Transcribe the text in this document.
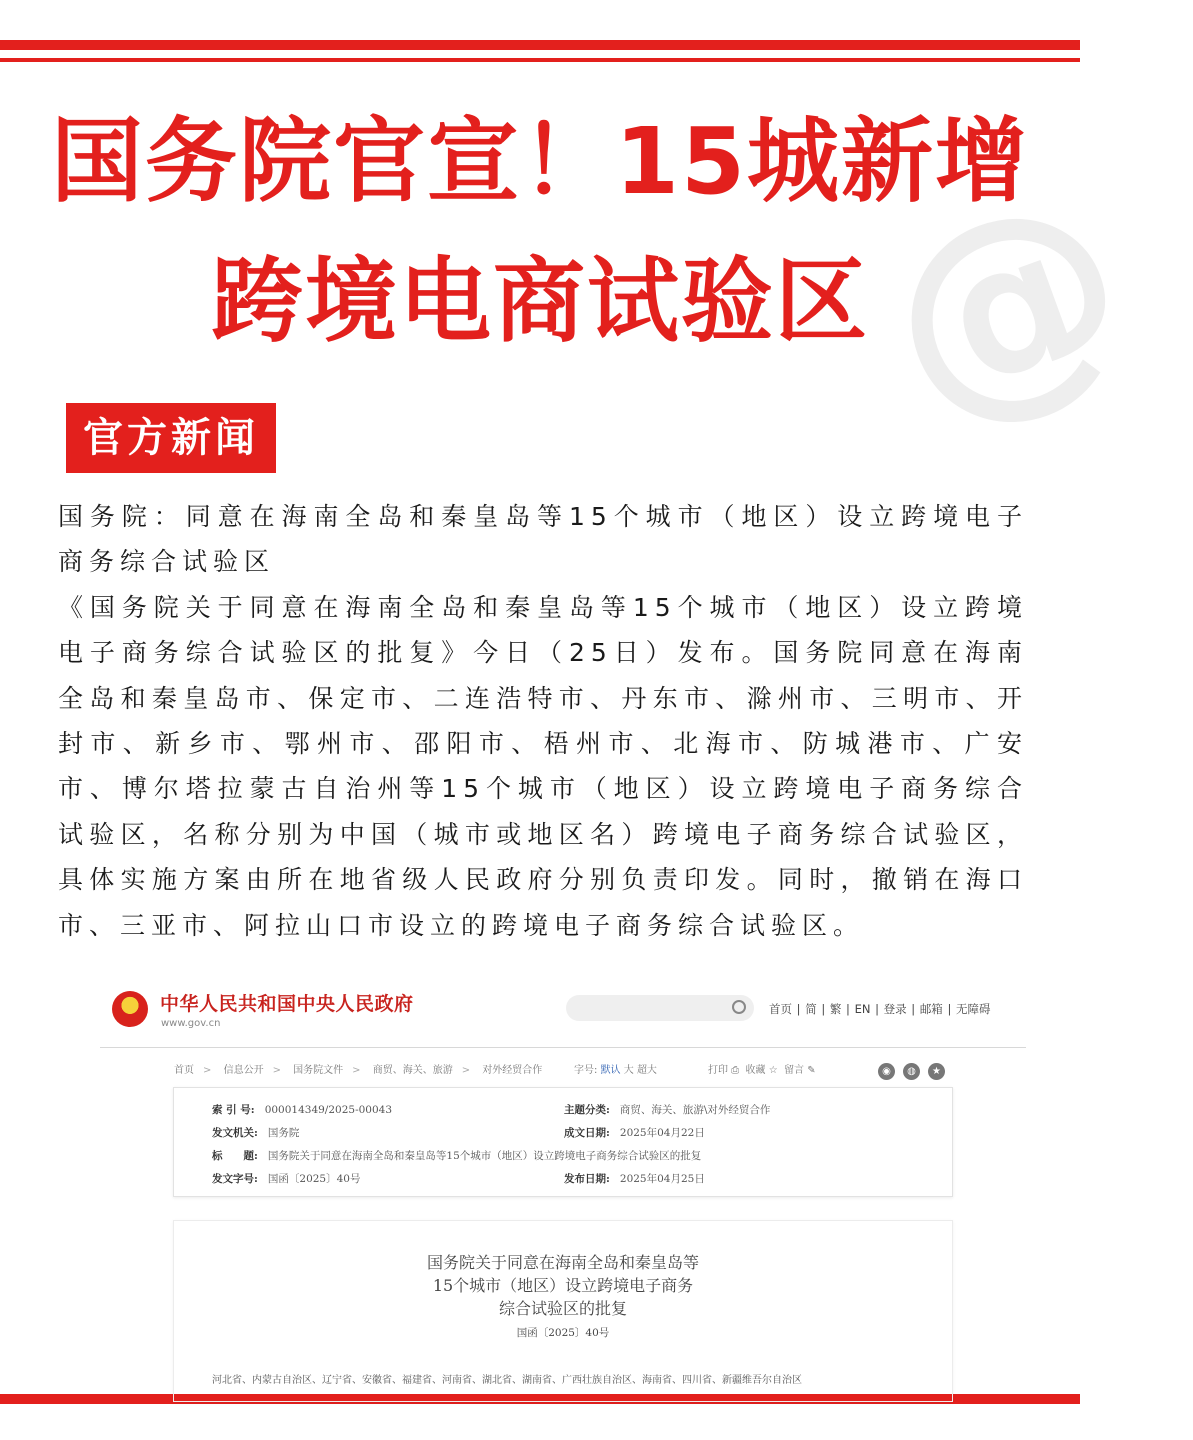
@
国务院官宣！15城新增
跨境电商试验区
官方新闻

国务院：同意在海南全岛和秦皇岛等15个城市（地区）设立跨境电子商务综合试验区

《国务院关于同意在海南全岛和秦皇岛等15个城市（地区）设立跨境电子商务综合试验区的批复》今日（25日）发布。国务院同意在海南全岛和秦皇岛市、保定市、二连浩特市、丹东市、滁州市、三明市、开封市、新乡市、鄂州市、邵阳市、梧州市、北海市、防城港市、广安市、博尔塔拉蒙古自治州等15个城市（地区）设立跨境电子商务综合试验区，名称分别为中国（城市或地区名）跨境电子商务综合试验区，具体实施方案由所在地省级人民政府分别负责印发。同时，撤销在海口市、三亚市、阿拉山口市设立的跨境电子商务综合试验区。

中华人民共和国中央人民政府
www.gov.cn
首页 | 简 | 繁 | EN | 登录 | 邮箱 | 无障碍
首页 > 信息公开 > 国务院文件 > 商贸、海关、旅游 > 对外经贸合作	字号: 默认 大 超大	打印 ⎙  收藏 ☆  留言 ✎	◉ ◍ ★
索 引 号: 000014349/2025-00043	主题分类: 商贸、海关、旅游\对外经贸合作
发文机关: 国务院	成文日期: 2025年04月22日
标　　题: 国务院关于同意在海南全岛和秦皇岛等15个城市（地区）设立跨境电子商务综合试验区的批复
发文字号: 国函〔2025〕40号	发布日期: 2025年04月25日
国务院关于同意在海南全岛和秦皇岛等
15个城市（地区）设立跨境电子商务
综合试验区的批复
国函〔2025〕40号
河北省、内蒙古自治区、辽宁省、安徽省、福建省、河南省、湖北省、湖南省、广西壮族自治区、海南省、四川省、新疆维吾尔自治区
